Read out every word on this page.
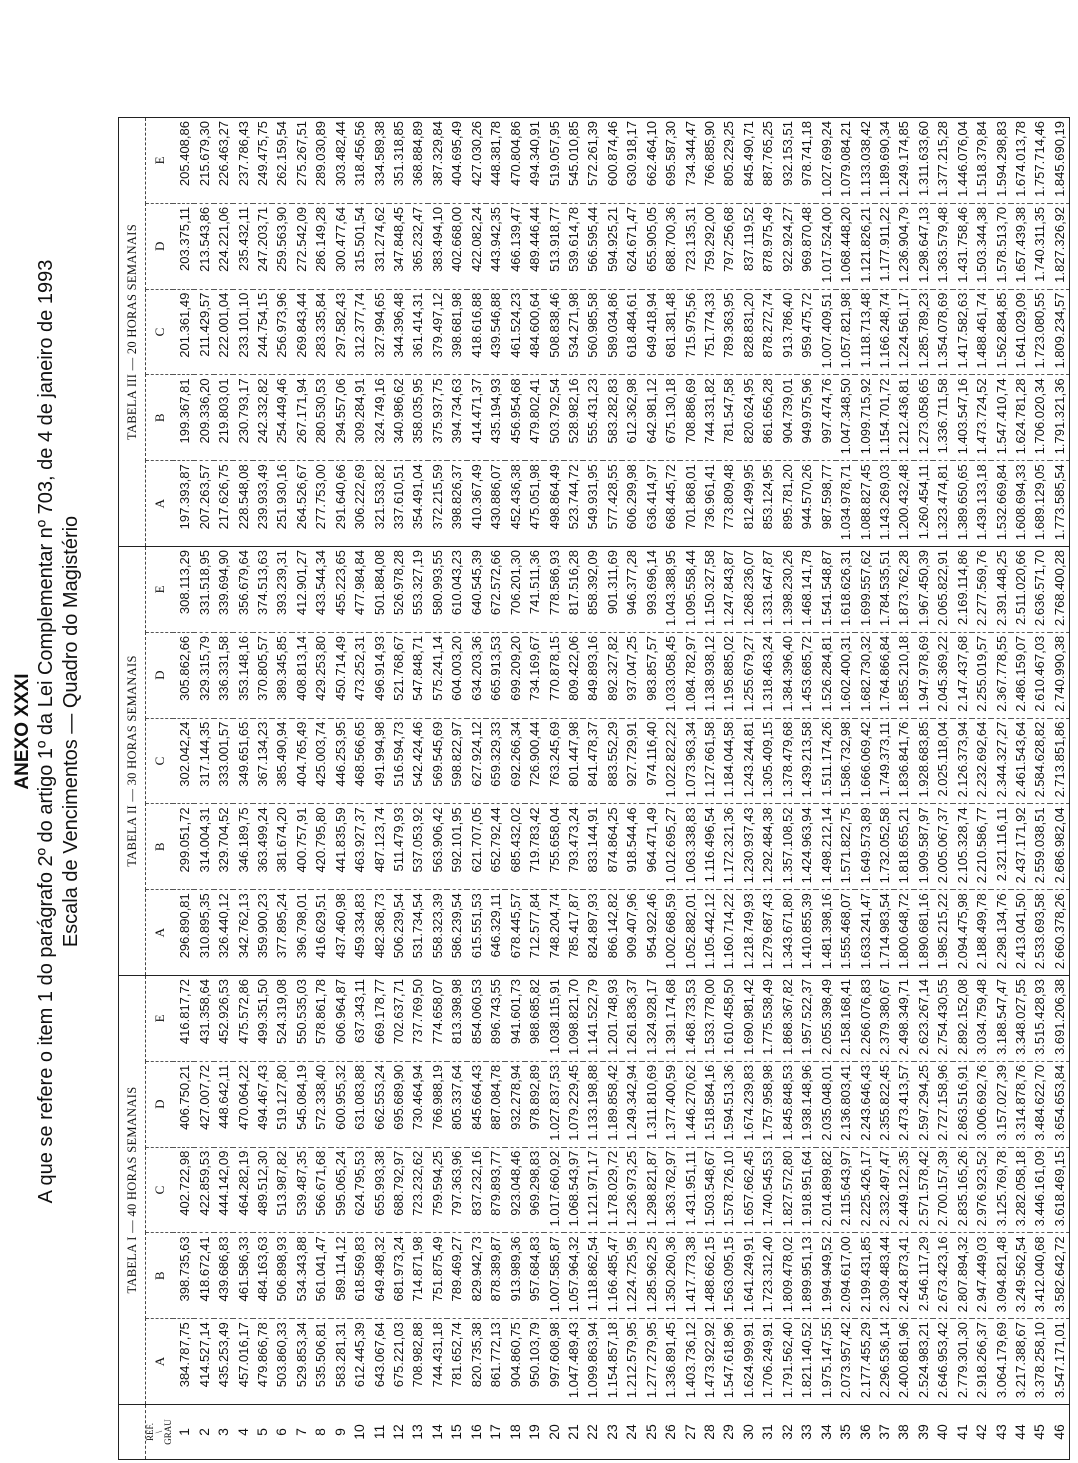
ANEXO XXXI A que se refere o item 1 do parágrafo 2º do artigo 1º da Lei Complementar nº 703, de 4 de janeiro de 1993 Escala de Vencimentos — Quadro do Magistério
	TABELA I — 40 HORAS SEMANAIS					TABELA II — 30 HORAS SEMANAIS					TABELA III — 20 HORAS SEMANAIS				

REF. \ GRAU	A	B	C	D	E	A	B	C	D	E	A	B	C	D	E
1	384.787,75	398.735,63	402.722,98	406.750,21	416.817,72	296.890,81	299.051,72	302.042,24	305.862,66	308.113,29	197.393,87	199.367,81	201.361,49	203.375,11	205.408,86
2	414.527,14	418.672,41	422.859,53	427.007,72	431.358,64	310.895,35	314.004,31	317.144,35	329.315,79	331.518,95	207.263,57	209.336,20	211.429,57	213.543,86	215.679,30
3	435.253,49	439.686,83	444.142,09	448.642,11	452.926,53	326.440,12	329.704,52	333.001,57	336.331,58	339.694,90	217.626,75	219.803,01	222.001,04	224.221,06	226.463,27
4	457.016,17	461.586,33	464.282,19	470.064,22	475.572,86	342.762,13	346.189,75	349.651,65	353.148,16	356.679,64	228.548,08	230.793,17	233.101,10	235.432,11	237.786,43
5	479.866,78	484.163,63	489.512,30	494.467,43	499.351,50	359.900,23	363.499,24	367.134,23	370.805,57	374.513,63	239.933,49	242.332,82	244.754,15	247.203,71	249.475,75
6	503.860,33	506.898,93	513.987,82	519.127,80	524.319,08	377.895,24	381.674,20	385.490,94	389.345,85	393.239,31	251.930,16	254.449,46	256.973,96	259.563,90	262.159,54
7	529.853,34	534.343,88	539.487,35	545.084,19	550.535,03	396.798,01	400.757,91	404.765,49	408.813,14	412.901,27	264.526,67	267.171,94	269.843,44	272.542,09	275.267,51
8	535.506,81	561.041,47	566.671,68	572.338,40	578.861,78	416.629,51	420.795,80	425.003,74	429.253,80	433.544,34	277.753,00	280.530,53	283.335,84	286.149,28	289.030,89
9	583.281,31	589.114,12	595.065,24	600.955,32	606.964,87	437.460,98	441.835,59	446.253,95	450.714,49	455.223,65	291.640,66	294.557,06	297.582,43	300.477,64	303.482,44
10	612.445,39	618.569,83	624.795,53	631.083,88	637.343,11	459.334,83	463.927,37	468.566,65	473.252,31	477.984,84	306.222,69	309.284,91	312.377,74	315.501,54	318.456,56
11	643.067,64	649.498,32	655.993,38	662.553,24	669.178,77	482.368,73	487.123,74	491.994,98	496.914,93	501.884,08	321.533,82	324.749,16	327.994,65	331.274,62	334.589,38
12	675.221,03	681.973,24	688.792,97	695.689,90	702.637,71	506.239,54	511.479,93	516.594,73	521.768,67	526.978,28	337.610,51	340.986,62	344.396,48	347.848,45	351.318,85
13	708.982,88	714.871,98	723.232,62	730.464,94	737.769,50	531.734,54	537.053,92	542.424,46	547.848,71	553.327,19	354.491,04	358.035,95	361.414,31	365.232,47	368.884,89
14	744.431,18	751.875,49	759.594,25	766.988,19	774.658,07	558.323,39	563.906,42	569.545,69	575.241,14	580.993,55	372.215,59	375.937,75	379.497,12	383.494,10	387.329,84
15	781.652,74	789.469,27	797.363,96	805.337,64	813.398,98	586.239,54	592.101,95	598.822,97	604.003,20	610.043,23	398.826,37	394.734,63	398.681,98	402.668,00	404.695,49
16	820.735,38	829.942,73	837.232,16	845.664,43	854.060,53	615.551,53	621.707,05	627.924,12	634.203,36	640.545,39	410.367,49	414.471,37	418.616,88	422.082,24	427.030,26
17	861.772,13	878.389,87	879.893,77	887.084,78	896.743,55	646.329,11	652.792,44	659.329,33	665.913,53	672.572,66	430.886,07	435.194,93	439.546,88	443.942,35	448.381,78
18	904.860,75	913.989,36	923.048,46	932.278,94	941.601,73	678.445,57	685.432,02	692.266,34	699.209,20	706.201,30	452.436,38	456.954,68	461.524,23	466.139,47	470.804,86
19	950.103,79	957.684,83	969.298,83	978.892,89	988.685,82	712.577,84	719.783,42	726.900,44	734.169,67	741.511,36	475.051,98	479.802,41	484.600,64	489.446,44	494.340,91
20	997.608,98	1.007.585,87	1.017.660,92	1.027.837,53	1.038.115,91	748.204,74	755.658,04	763.245,69	770.878,15	778.586,93	498.864,49	503.792,54	508.838,46	513.918,77	519.057,95
21	1.047.489,43	1.057.964,32	1.068.543,97	1.079.229,45	1.098.821,70	785.417,87	793.473,24	801.447,98	809.422,06	817.516,28	523.744,72	528.982,16	534.271,98	539.614,78	545.010,85
22	1.099.863,94	1.118.862,54	1.121.971,17	1.133.198,88	1.141.522,79	824.897,93	833.144,91	841.478,37	849.893,16	858.392,09	549.931,95	555.431,23	560.985,58	566.595,44	572.261,39
23	1.154.857,18	1.166.485,47	1.178.029,72	1.189.858,42	1.201.748,93	866.142,82	874.864,25	883.552,29	892.327,82	901.311,69	577.428,55	583.282,83	589.034,86	594.925,21	600.874,46
24	1.212.579,95	1.224.725,95	1.236.973,25	1.249.342,94	1.261.836,37	909.407,96	918.544,46	927.729,91	937.047,25	946.377,28	606.299,98	612.362,98	618.484,61	624.671,47	630.918,17
25	1.277.279,95	1.285.962,25	1.298.821,87	1.311.810,69	1.324.928,17	954.922,46	964.471,49	974.116,40	983.857,57	993.696,14	636.414,97	642.981,12	649.418,94	655.905,05	662.464,10
26	1.336.891,45	1.350.260,36	1.363.762,97	1.377.400,59	1.391.174,68	1.002.668,59	1.012.695,27	1.022.822,22	1.033.058,45	1.043.388,95	668.445,72	675.130,18	681.381,48	688.700,36	695.587,30
27	1.403.736,12	1.417.773,38	1.431.951,11	1.446.270,62	1.468.733,53	1.052.882,01	1.063.338,83	1.073.963,34	1.084.782,97	1.095.558,44	701.868,01	708.886,69	715.975,56	723.135,31	734.344,47
28	1.473.922,92	1.488.662,15	1.503.548,67	1.518.584,16	1.533.778,00	1.105.442,12	1.116.496,54	1.127.661,58	1.138.938,12	1.150.327,58	736.961,41	744.331,82	751.774,33	759.292,00	766.885,90
29	1.547.618,96	1.563.095,15	1.578.726,10	1.594.513,36	1.610.458,50	1.160.714,22	1.172.321,36	1.184.044,58	1.195.885,02	1.247.843,87	773.809,48	781.547,58	789.363,95	797.256,68	805.229,25
30	1.624.999,91	1.641.249,91	1.657.662,45	1.674.239,83	1.690.981,42	1.218.749,93	1.230.937,43	1.243.244,81	1.255.679,27	1.268.236,07	812.499,95	820.624,95	828.831,20	837.119,52	845.490,71
31	1.706.249,91	1.723.312,40	1.740.545,53	1.757.958,98	1.775.538,49	1.279.687,43	1.292.484,38	1.305.409,15	1.318.463,24	1.331.647,87	853.124,95	861.656,28	878.272,74	878.975,49	887.765,25
32	1.791.562,40	1.809.478,02	1.827.572,80	1.845.848,53	1.868.367,82	1.343.671,80	1.357.108,52	1.378.479,68	1.384.396,40	1.398.230,26	895.781,20	904.739,01	913.786,40	922.924,27	932.153,51
33	1.821.140,52	1.899.951,13	1.918.951,64	1.938.148,96	1.957.522,37	1.410.855,39	1.424.963,94	1.439.213,58	1.453.685,72	1.468.141,78	944.570,26	949.975,96	959.475,72	969.870,48	978.741,18
34	1.975.147,55	1.994.949,52	2.014.899,82	2.035.048,01	2.055.398,49	1.481.398,16	1.498.212,14	1.511.174,26	1.526.284,81	1.541.548,87	987.598,77	997.474,76	1.007.409,51	1.017.524,00	1.027.699,24
35	2.073.957,42	2.094.617,00	2.115.643,97	2.136.803,41	2.158.168,41	1.555.468,07	1.571.822,75	1.586.732,98	1.602.400,31	1.618.626,31	1.034.978,71	1.047.348,50	1.057.821,98	1.068.448,20	1.079.084,21
36	2.177.455,29	2.199.431,85	2.225.426,17	2.243.646,43	2.266.076,83	1.633.241,47	1.649.573,89	1.666.069,42	1.682.730,32	1.699.557,62	1.088.827,45	1.099.715,92	1.118.713,48	1.121.826,21	1.133.038,42
37	2.296.536,14	2.309.483,44	2.332.497,47	2.355.822,45	2.379.380,67	1.714.983,54	1.732.052,58	1.749.373,11	1.764.866,84	1.784.535,51	1.143.269,03	1.154.701,72	1.166.248,74	1.177.911,22	1.189.690,34
38	2.400.861,96	2.424.873,41	2.449.122,35	2.473.413,57	2.498.349,71	1.800.648,72	1.818.655,21	1.836.841,76	1.855.210,18	1.873.762,28	1.200.432,48	1.212.436,81	1.224.561,17	1.236.904,79	1.249.174,85
39	2.524.983,21	2.546.117,29	2.571.578,42	2.597.294,25	2.623.267,14	1.890.681,16	1.909.587,97	1.928.683,85	1.947.978,69	1.967.450,39	1.260.454,11	1.273.058,65	1.285.789,23	1.298.647,13	1.311.633,60
40	2.646.953,42	2.673.423,16	2.700.157,39	2.727.158,96	2.754.430,55	1.985.215,22	2.005.067,37	2.025.118,04	2.045.369,22	2.065.822,91	1.323.474,81	1.336.711,58	1.354.078,69	1.363.579,48	1.377.215,28
41	2.779.301,30	2.807.894,32	2.835.165,26	2.863.516,91	2.892.152,08	2.094.475,98	2.105.328,74	2.126.373,94	2.147.437,68	2.169.114,86	1.389.650,65	1.403.547,16	1.417.582,63	1.431.758,46	1.446.076,04
42	2.918.266,37	2.947.449,03	2.976.923,52	3.006.692,76	3.034.759,48	2.188.499,78	2.210.586,77	2.232.692,64	2.255.019,57	2.277.569,76	1.439.133,18	1.473.724,52	1.488.461,74	1.503.344,38	1.518.379,84
43	3.064.179,69	3.094.821,48	3.125.769,78	3.157.027,39	3.188.547,47	2.298.134,76	2.321.116,11	2.344.327,27	2.367.778,55	2.391.448,25	1.532.669,84	1.547.410,74	1.562.884,85	1.578.513,70	1.594.298,83
44	3.217.388,67	3.249.562,54	3.282.058,18	3.314.878,76	3.348.027,55	2.413.041,50	2.437.171,92	2.461.543,64	2.486.159,07	2.511.020,66	1.608.694,33	1.624.781,28	1.641.029,09	1.657.439,38	1.674.013,78
45	3.378.258,10	3.412.040,68	3.446.161,09	3.484.622,70	3.515.428,93	2.533.693,58	2.559.038,51	2.584.628,82	2.610.467,03	2.636.571,70	1.689.129,05	1.706.020,34	1.723.080,55	1.740.311,35	1.757.714,46
46	3.547.171,01	3.582.642,72	3.618.469,15	3.654.653,84	3.691.206,38	2.660.378,26	2.686.982,04	2.713.851,86	2.740.990,38	2.768.400,28	1.773.585,54	1.791.321,36	1.809.234,57	1.827.326,92	1.845.690,19
